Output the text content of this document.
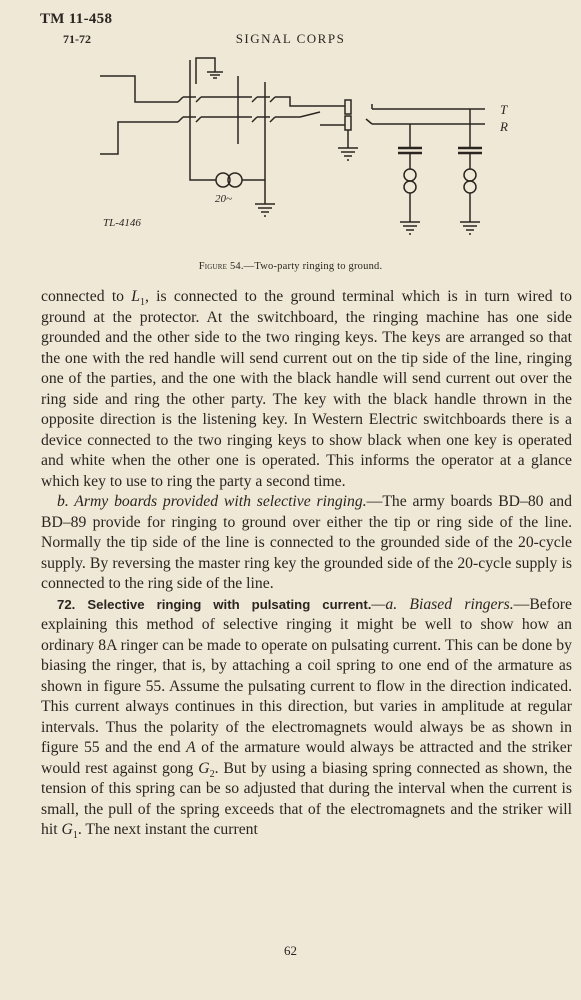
TM 11-458
71-72	SIGNAL CORPS
T
R
20~
TL-4146
Figure 54.—Two-party ringing to ground.

connected to $L_1$, is connected to the ground terminal which is in turn wired to ground at the protector. At the switchboard, the ringing machine has one side grounded and the other side to the two ringing keys. The keys are arranged so that the one with the red handle will send current out on the tip side of the line, ringing one of the parties, and the one with the black handle will send current out over the ring side and ring the other party. The key with the black handle thrown in the opposite direction is the listening key. In Western Electric switchboards there is a device connected to the two ringing keys to show black when one key is operated and white when the other one is operated. This informs the operator at a glance which key to use to ring the party a second time.

b. Army boards provided with selective ringing.—The army boards BD–80 and BD–89 provide for ringing to ground over either the tip or ring side of the line. Normally the tip side of the line is connected to the grounded side of the 20-cycle supply. By reversing the master ring key the grounded side of the 20-cycle supply is connected to the ring side of the line.

72. Selective ringing with pulsating current.—a. Biased ringers.—Before explaining this method of selective ringing it might be well to show how an ordinary 8A ringer can be made to operate on pulsating current. This can be done by biasing the ringer, that is, by attaching a coil spring to one end of the armature as shown in figure 55. Assume the pulsating current to flow in the direction indicated. This current always continues in this direction, but varies in amplitude at regular intervals. Thus the polarity of the electromagnets would always be as shown in figure 55 and the end A of the armature would always be attracted and the striker would rest against gong $G_2$. But by using a biasing spring connected as shown, the tension of this spring can be so adjusted that during the interval when the current is small, the pull of the spring exceeds that of the electromagnets and the striker will hit $G_1$. The next instant the current

62
